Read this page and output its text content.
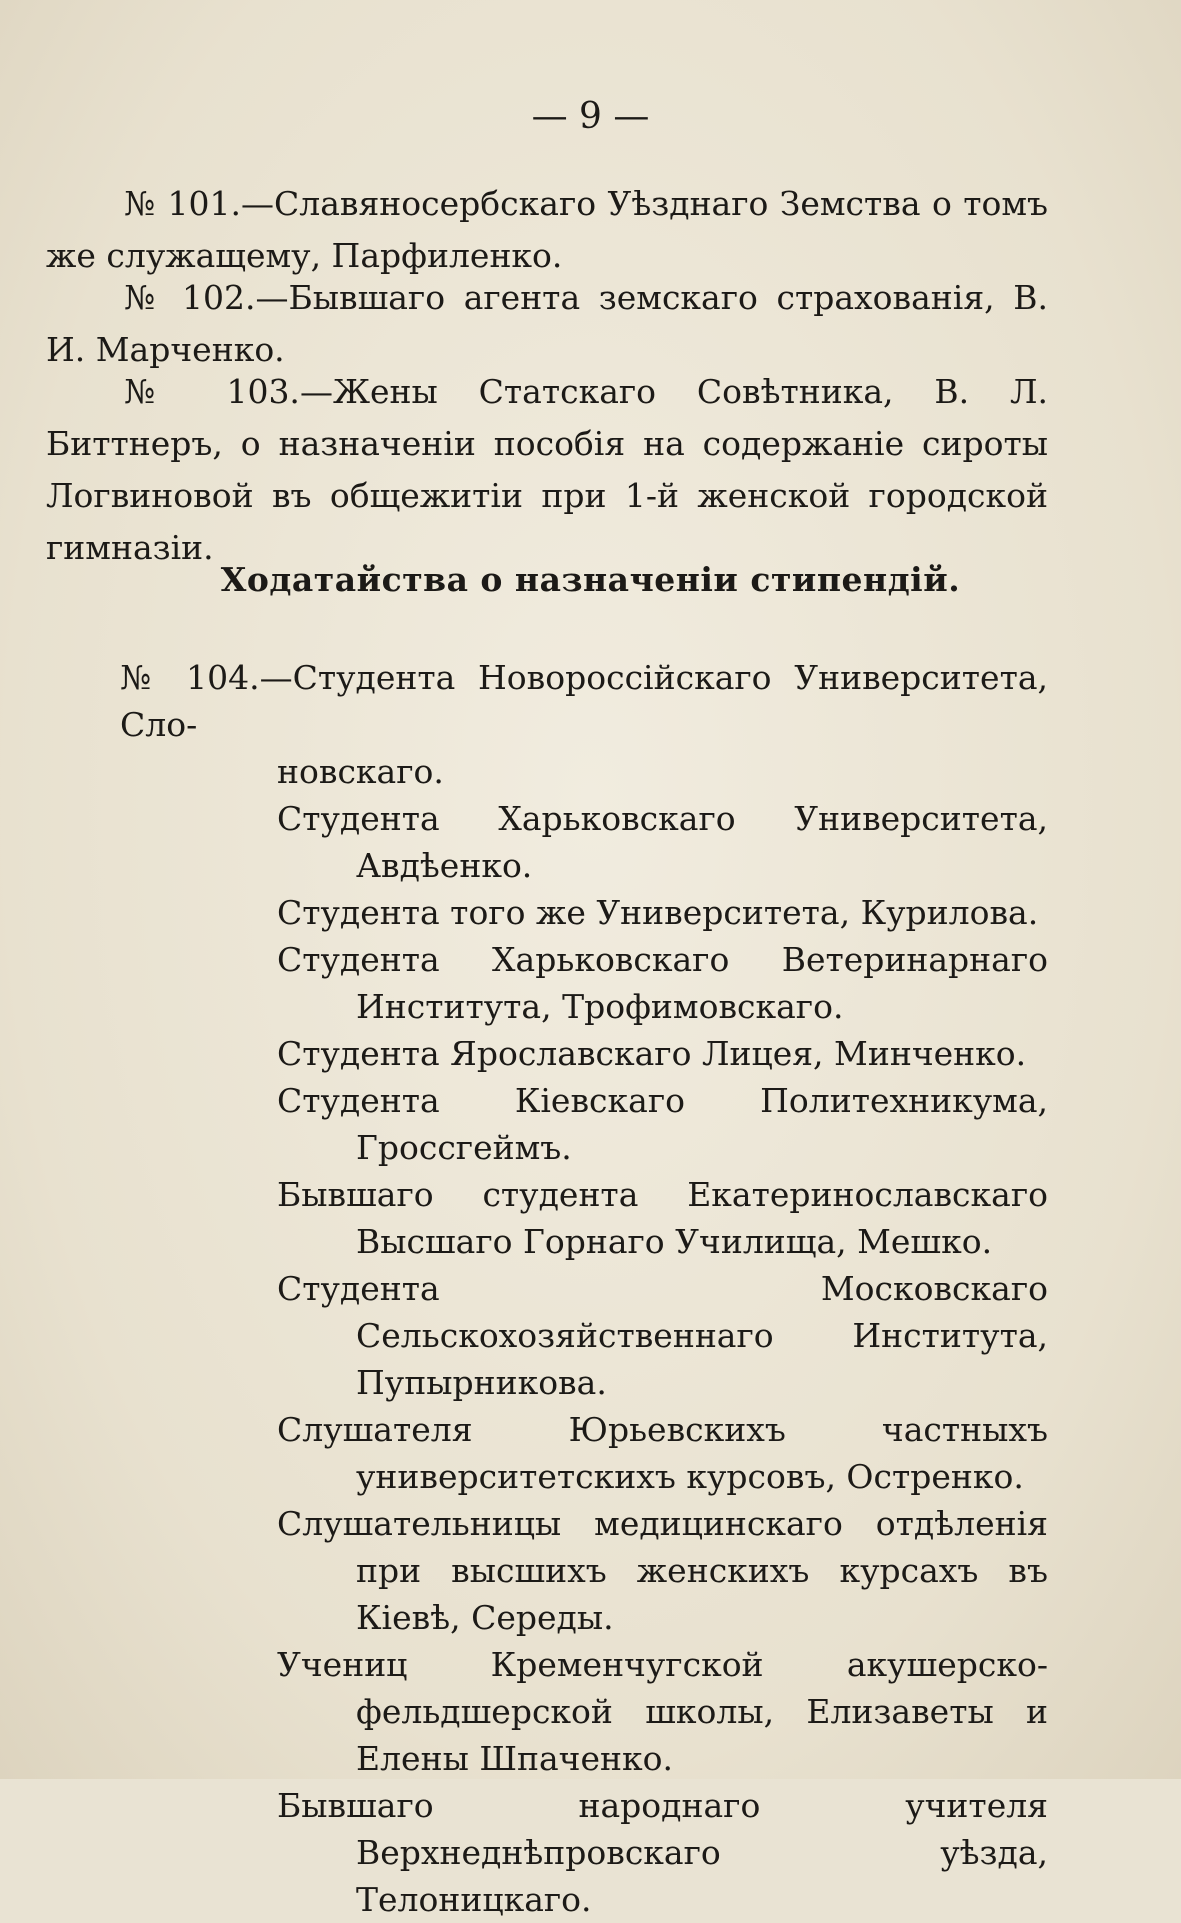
— 9 —
№ 101.—Славяносербскаго Уѣзднаго Земства о томъ же служащему, Парфиленко.
№ 102.—Бывшаго агента земскаго страхованія, В. И. Марченко.
№ 103.—Жены Статскаго Совѣтника, В. Л. Биттнеръ, о назначеніи пособія на содержаніе сироты Логвиновой въ общежитіи при 1-й женской городской гимназіи.
Ходатайства о назначеніи стипендій.
№ 104.—Студента Новороссійскаго Университета, Сло-
новскаго.
Студента Харьковскаго Университета, Авдѣенко.
Студента того же Университета, Курилова.
Студента Харьковскаго Ветеринарнаго Института, Трофимовскаго.
Студента Ярославскаго Лицея, Минченко.
Студента Кіевскаго Политехникума, Гроссгеймъ.
Бывшаго студента Екатеринославскаго Высшаго Горнаго Училища, Мешко.
Студента Московскаго Сельскохозяйственнаго Института, Пупырникова.
Слушателя Юрьевскихъ частныхъ университетскихъ курсовъ, Остренко.
Слушательницы медицинскаго отдѣленія при высшихъ женскихъ курсахъ въ Кіевѣ, Середы.
Учениц Кременчугской акушерско-фельдшерской школы, Елизаветы и Елены Шпаченко.
Бывшаго народнаго учителя Верхнеднѣпровскаго уѣзда, Телоницкаго.
